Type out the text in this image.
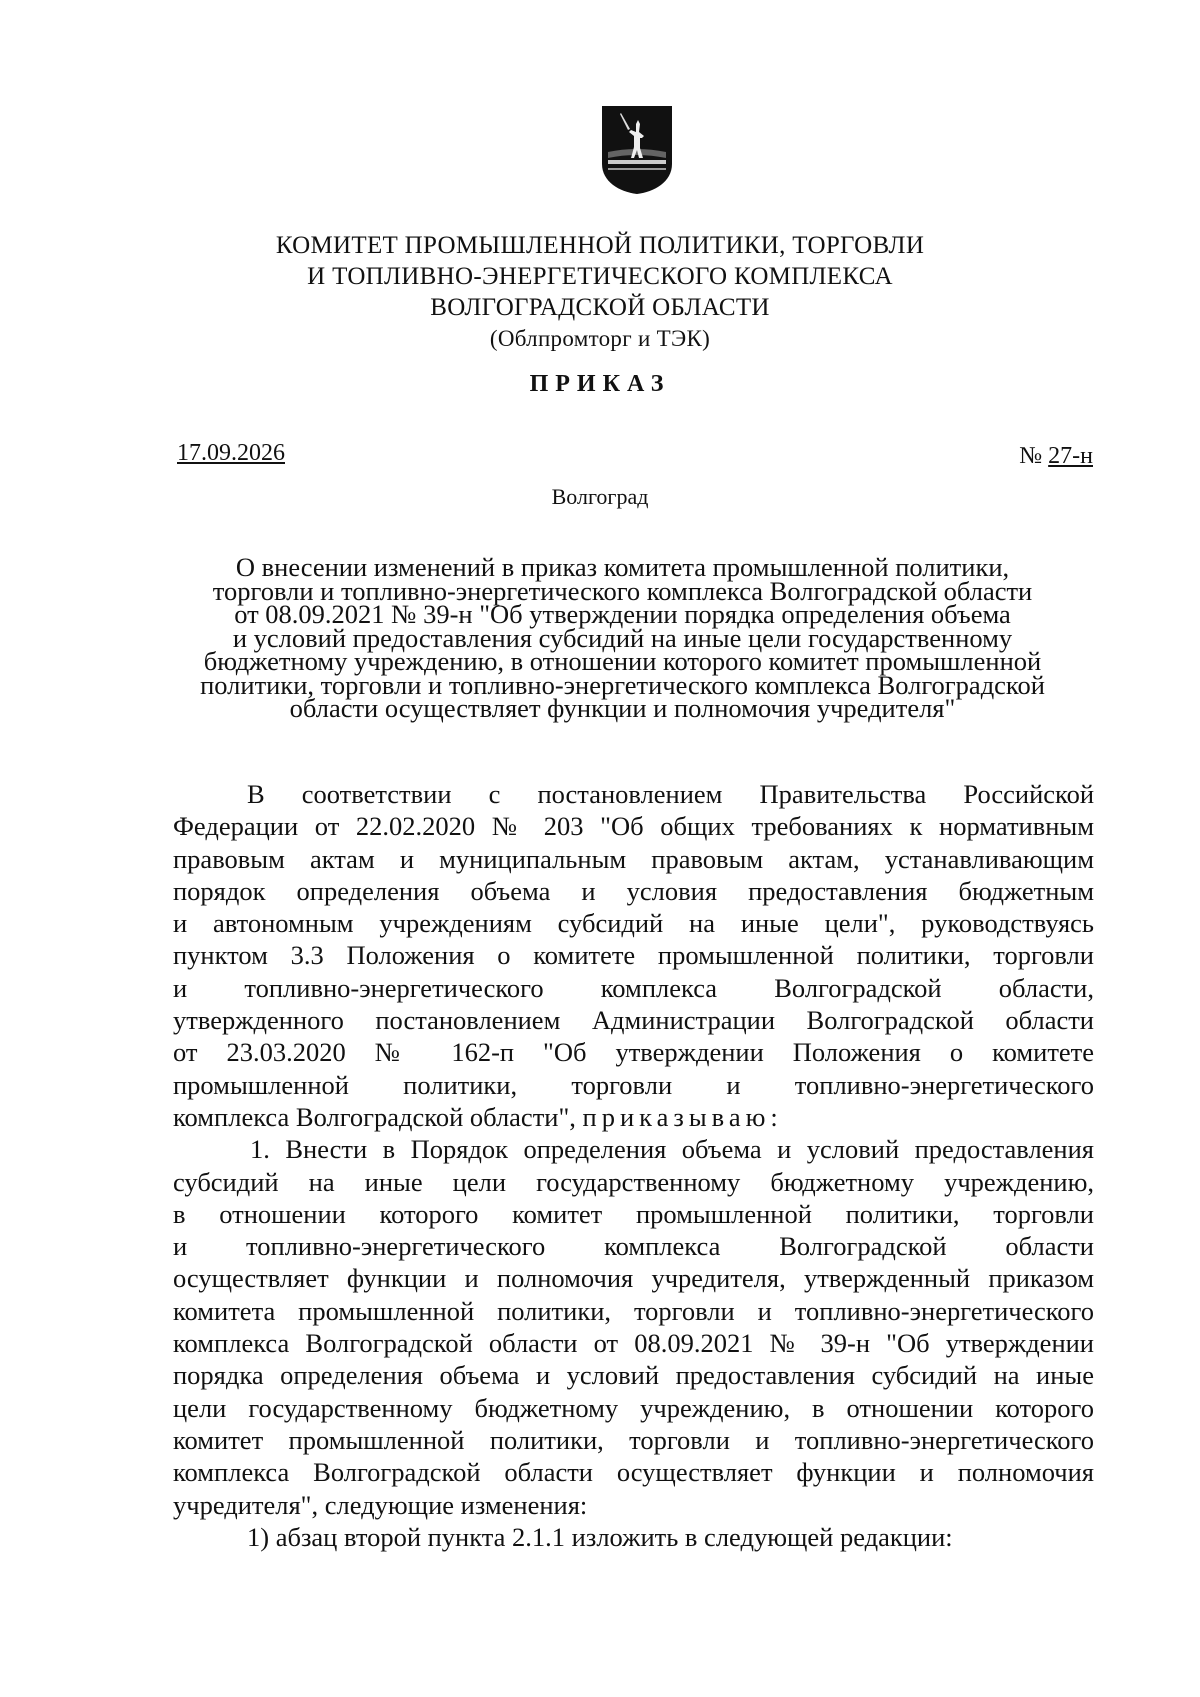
КОМИТЕТ ПРОМЫШЛЕННОЙ ПОЛИТИКИ, ТОРГОВЛИ
И ТОПЛИВНО-ЭНЕРГЕТИЧЕСКОГО КОМПЛЕКСА
ВОЛГОГРАДСКОЙ ОБЛАСТИ
(Облпромторг и ТЭК)
ПРИКАЗ
17.09.2026	№ 27-н
Волгоград
О внесении изменений в приказ комитета промышленной политики,
торговли и топливно-энергетического комплекса Волгоградской области
от 08.09.2021 № 39-н "Об утверждении порядка определения объема
и условий предоставления субсидий на иные цели государственному
бюджетному учреждению, в отношении которого комитет промышленной
политики, торговли и топливно-энергетического комплекса Волгоградской
области осуществляет функции и полномочия учредителя"
В соответствии с постановлением Правительства Российской
Федерации от 22.02.2020 № 203 "Об общих требованиях к нормативным
правовым актам и муниципальным правовым актам, устанавливающим
порядок определения объема и условия предоставления бюджетным
и автономным учреждениям субсидий на иные цели", руководствуясь
пунктом 3.3 Положения о комитете промышленной политики, торговли
и топливно-энергетического комплекса Волгоградской области,
утвержденного постановлением Администрации Волгоградской области
от 23.03.2020 № 162-п "Об утверждении Положения о комитете
промышленной политики, торговли и топливно-энергетического
комплекса Волгоградской области", приказываю:
1. Внести в Порядок определения объема и условий предоставления
субсидий на иные цели государственному бюджетному учреждению,
в отношении которого комитет промышленной политики, торговли
и топливно-энергетического комплекса Волгоградской области
осуществляет функции и полномочия учредителя, утвержденный приказом
комитета промышленной политики, торговли и топливно-энергетического
комплекса Волгоградской области от 08.09.2021 № 39-н "Об утверждении
порядка определения объема и условий предоставления субсидий на иные
цели государственному бюджетному учреждению, в отношении которого
комитет промышленной политики, торговли и топливно-энергетического
комплекса Волгоградской области осуществляет функции и полномочия
учредителя", следующие изменения:
1) абзац второй пункта 2.1.1 изложить в следующей редакции:
